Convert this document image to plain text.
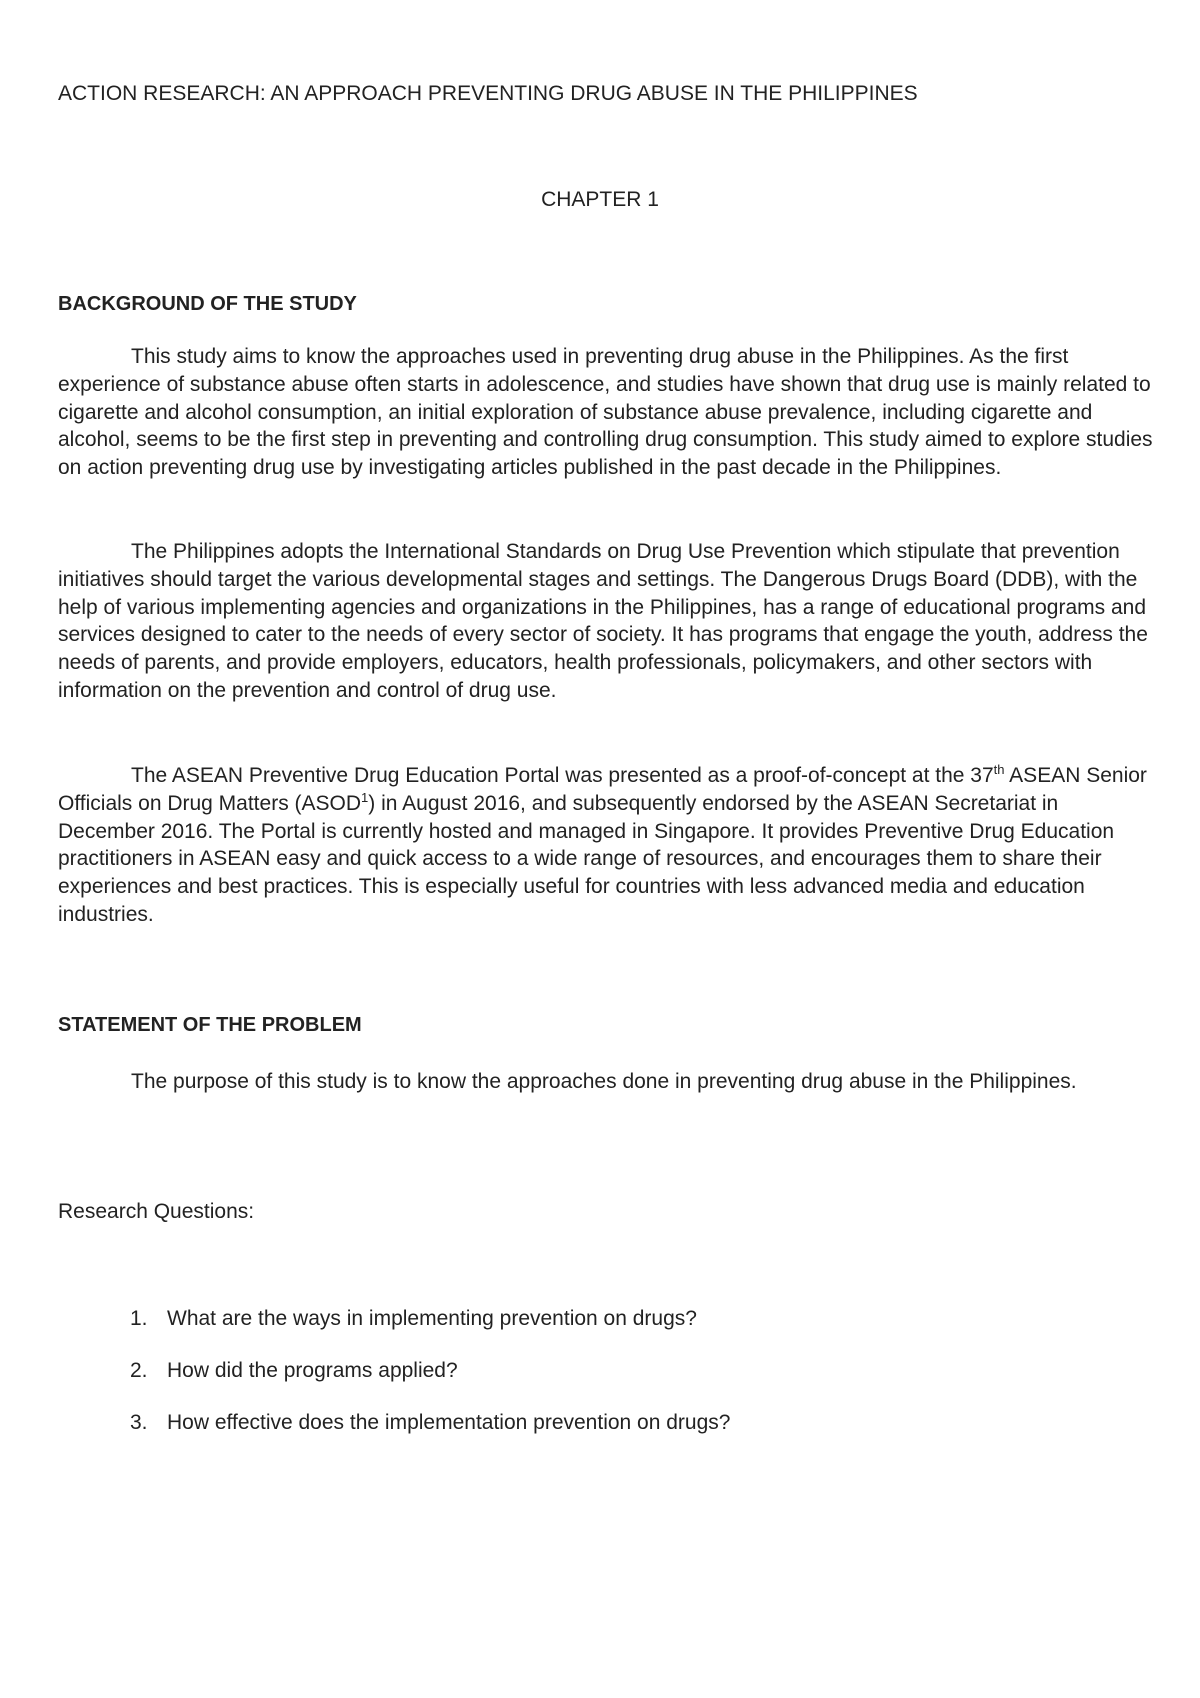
ACTION RESEARCH: AN APPROACH PREVENTING DRUG ABUSE IN THE PHILIPPINES
CHAPTER 1
BACKGROUND OF THE STUDY

This study aims to know the approaches used in preventing drug abuse in the Philippines. As the first experience of substance abuse often starts in adolescence, and studies have shown that drug use is mainly related to cigarette and alcohol consumption, an initial exploration of substance abuse prevalence, including cigarette and alcohol, seems to be the first step in preventing and controlling drug consumption. This study aimed to explore studies on action preventing drug use by investigating articles published in the past decade in the Philippines.

The Philippines adopts the International Standards on Drug Use Prevention which stipulate that prevention initiatives should target the various developmental stages and settings. The Dangerous Drugs Board (DDB), with the help of various implementing agencies and organizations in the Philippines, has a range of educational programs and services designed to cater to the needs of every sector of society. It has programs that engage the youth, address the needs of parents, and provide employers, educators, health professionals, policymakers, and other sectors with information on the prevention and control of drug use.

The ASEAN Preventive Drug Education Portal was presented as a proof-of-concept at the 37th ASEAN Senior Officials on Drug Matters (ASOD$^1$) in August 2016, and subsequently endorsed by the ASEAN Secretariat in December 2016. The Portal is currently hosted and managed in Singapore. It provides Preventive Drug Education practitioners in ASEAN easy and quick access to a wide range of resources, and encourages them to share their experiences and best practices. This is especially useful for countries with less advanced media and education industries.

STATEMENT OF THE PROBLEM

The purpose of this study is to know the approaches done in preventing drug abuse in the Philippines.

Research Questions:

1. What are the ways in implementing prevention on drugs?
2. How did the programs applied?
3. How effective does the implementation prevention on drugs?
